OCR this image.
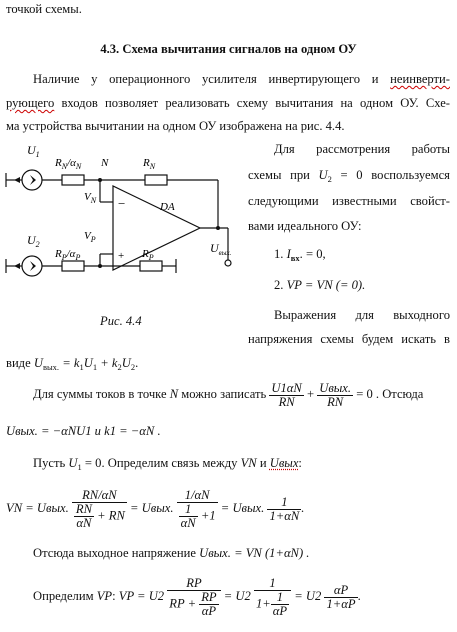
точкой схемы.
4.3. Схема вычитания сигналов на одном ОУ
Наличие у операционного усилителя инвертирующего и неинверти-
рующего входов позволяет реализовать схему вычитания на одном ОУ. Схе-
ма устройства вычитании на одном ОУ изображена на рис. 4.4.
$U_1$
$R_N/\alpha_N$ N	$R_N$
$V_N$ −	DA
$V_P$
+
$U_{вых.}$
$U_2$
$R_P/\alpha_P$	$R_P$
Рис. 4.4
Для рассмотрения работы
схемы при $U_2 = 0$ воспользуемся
следующими известными свойст-
вами идеального ОУ:
1. $I_{вх}$. = 0,
2. VP = VN (= 0).
Выражения для выходного
напряжения схемы будем искать в
виде $U_{вых.} = k_1U_1 + k_2U_2$.
Для суммы токов в точке N можно записать $\frac{U1\alpha N}{RN} + \frac{\text{Uвых.}}{RN} = 0$ . Отсюда
Uвых. = −αNU1 и k1 = −αN .
Пусть $U_1 = 0$. Определим связь между VN и Uвых:
VN = Uвых. $\frac{RN/\alpha N}{\frac{RN}{\alpha N} + RN}$ = Uвых. $\frac{1/\alpha N}{\frac{1}{\alpha N} +1}$ = Uвых. $\frac{1}{1+\alpha N}$ .
Отсюда выходное напряжение Uвых. = VN (1+αN) .
Определим VP: VP = $U2 \frac{RP}{RP + \frac{RP}{\alpha P}} = U2 \frac{1}{1+ \frac{1}{\alpha P}} = U2 \frac{\alpha P}{1+\alpha P}$ .
